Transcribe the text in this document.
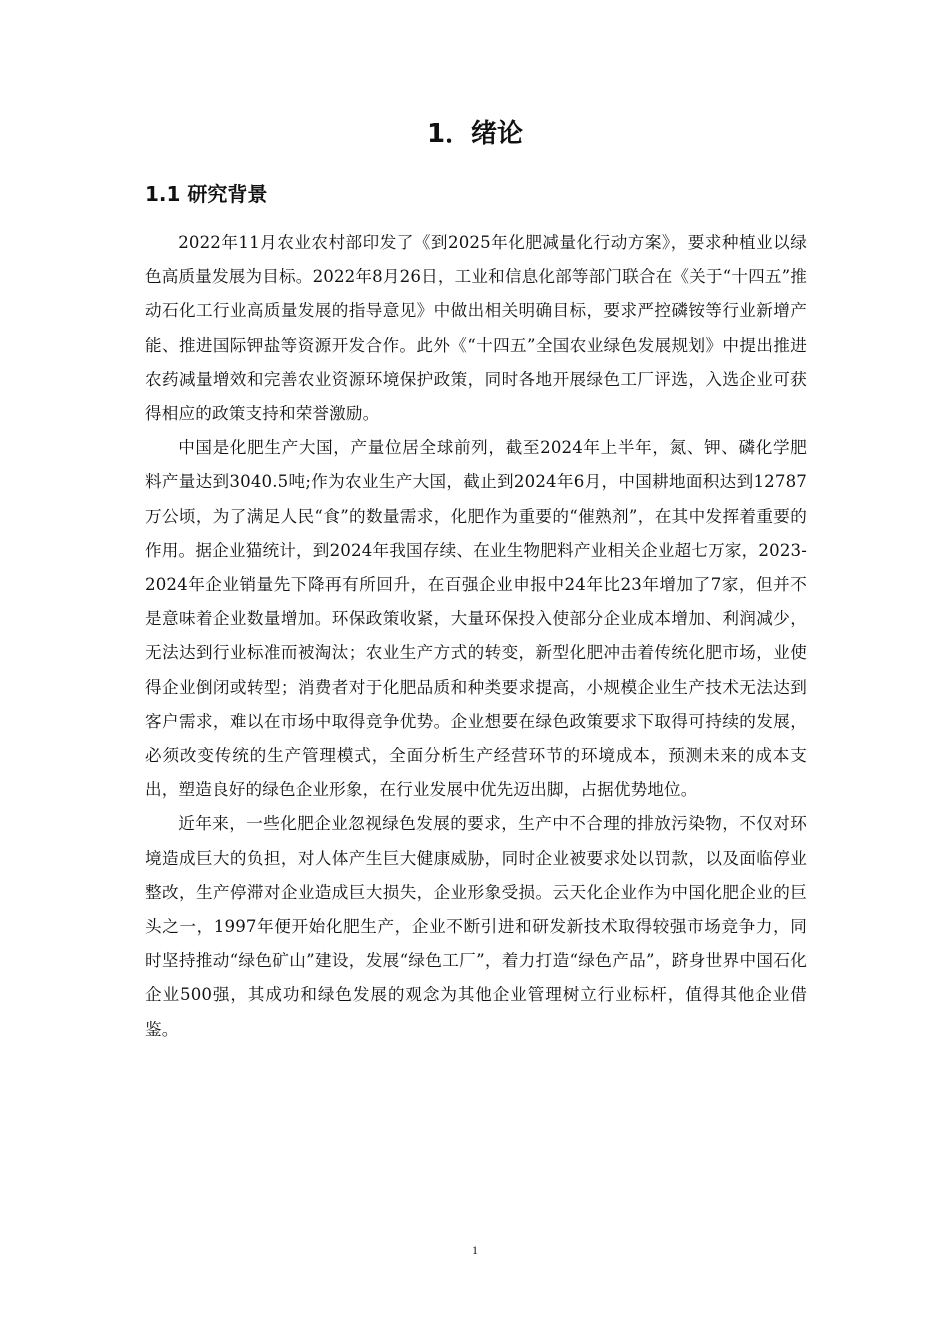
1．绪论
1.1 研究背景

2022年11月农业农村部印发了《到2025年化肥减量化行动方案》，要求种植业以绿色高质量发展为目标。2022年8月26日，工业和信息化部等部门联合在《关于“十四五”推动石化工行业高质量发展的指导意见》中做出相关明确目标，要求严控磷铵等行业新增产能、推进国际钾盐等资源开发合作。此外《“十四五”全国农业绿色发展规划》中提出推进农药减量增效和完善农业资源环境保护政策，同时各地开展绿色工厂评选，入选企业可获得相应的政策支持和荣誉激励。

中国是化肥生产大国，产量位居全球前列，截至2024年上半年，氮、钾、磷化学肥料产量达到3040.5吨;作为农业生产大国，截止到2024年6月，中国耕地面积达到12787万公顷，为了满足人民“食”的数量需求，化肥作为重要的“催熟剂”，在其中发挥着重要的作用。据企业猫统计，到2024年我国存续、在业生物肥料产业相关企业超七万家，2023-2024年企业销量先下降再有所回升，在百强企业申报中24年比23年增加了7家，但并不是意味着企业数量增加。环保政策收紧，大量环保投入使部分企业成本增加、利润减少，无法达到行业标准而被淘汰；农业生产方式的转变，新型化肥冲击着传统化肥市场，业使得企业倒闭或转型；消费者对于化肥品质和种类要求提高，小规模企业生产技术无法达到客户需求，难以在市场中取得竞争优势。企业想要在绿色政策要求下取得可持续的发展，必须改变传统的生产管理模式，全面分析生产经营环节的环境成本，预测未来的成本支出，塑造良好的绿色企业形象，在行业发展中优先迈出脚，占据优势地位。

近年来，一些化肥企业忽视绿色发展的要求，生产中不合理的排放污染物，不仅对环境造成巨大的负担，对人体产生巨大健康威胁，同时企业被要求处以罚款，以及面临停业整改，生产停滞对企业造成巨大损失，企业形象受损。云天化企业作为中国化肥企业的巨头之一，1997年便开始化肥生产，企业不断引进和研发新技术取得较强市场竞争力，同时坚持推动“绿色矿山”建设，发展“绿色工厂”，着力打造“绿色产品”，跻身世界中国石化企业500强，其成功和绿色发展的观念为其他企业管理树立行业标杆，值得其他企业借鉴。

1
